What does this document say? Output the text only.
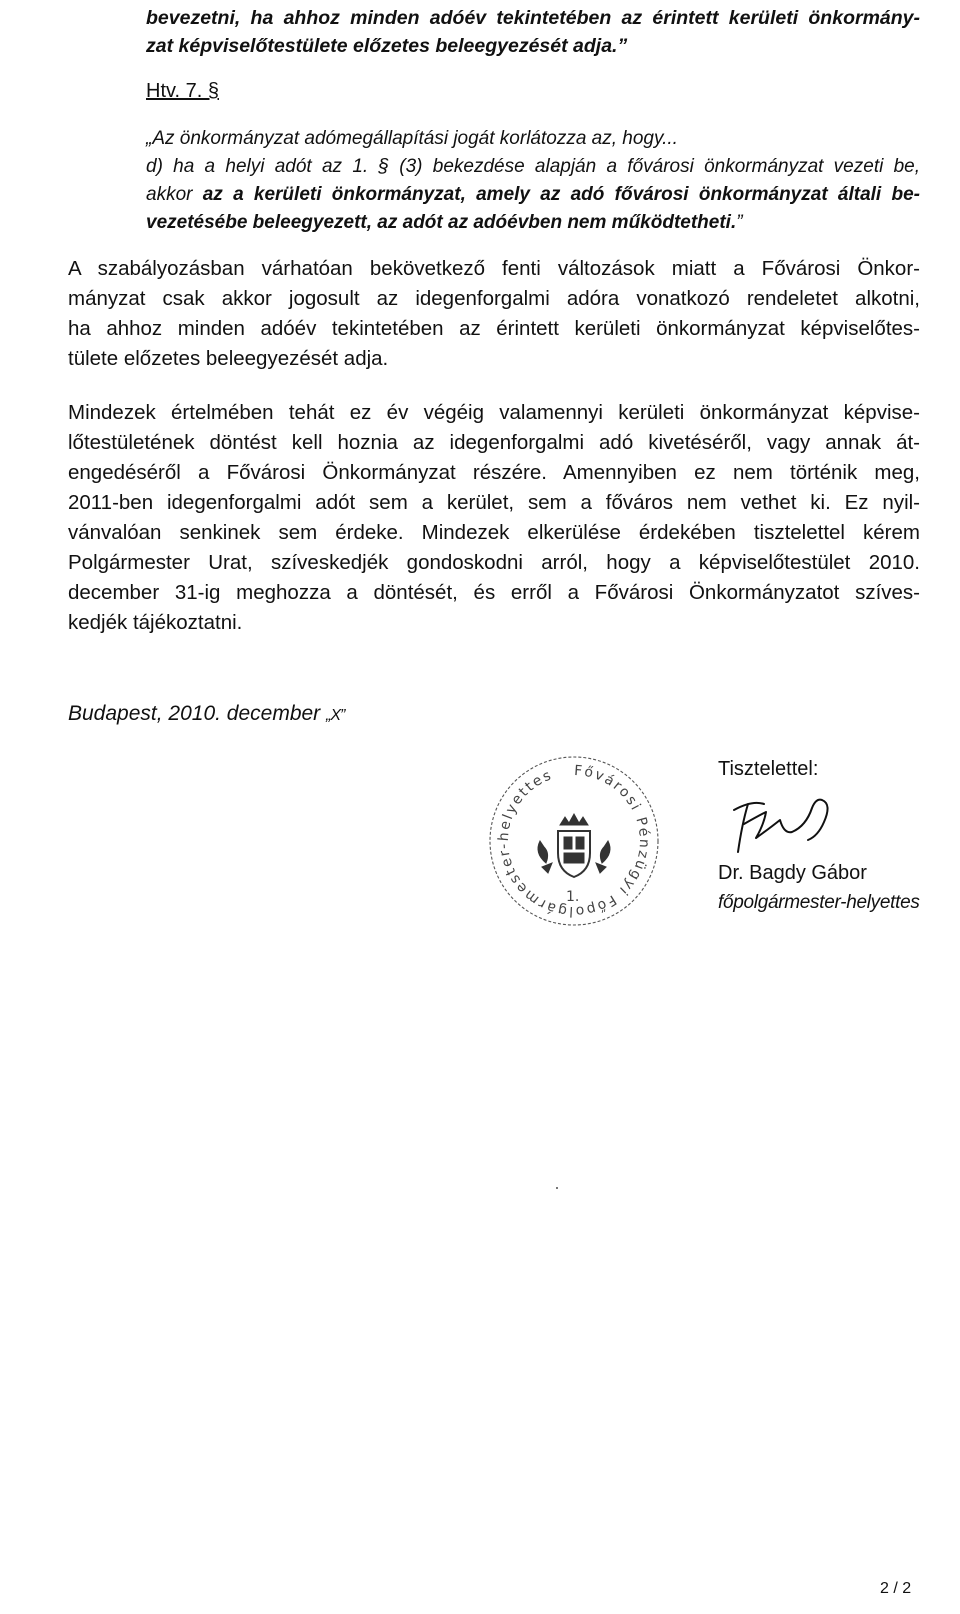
bevezetni, ha ahhoz minden adóév tekintetében az érintett kerületi önkormány-
zat képviselőtestülete előzetes beleegyezését adja.”
Htv. 7. §
„Az önkormányzat adómegállapítási jogát korlátozza az, hogy...
d) ha a helyi adót az 1. § (3) bekezdése alapján a fővárosi önkormányzat vezeti be,
akkor az a kerületi önkormányzat, amely az adó fővárosi önkormányzat általi be-
vezetésébe beleegyezett, az adót az adóévben nem működtetheti.”
A szabályozásban várhatóan bekövetkező fenti változások miatt a Fővárosi Önkor-
mányzat csak akkor jogosult az idegenforgalmi adóra vonatkozó rendeletet alkotni,
ha ahhoz minden adóév tekintetében az érintett kerületi önkormányzat képviselőtes-
tülete előzetes beleegyezését adja.
Mindezek értelmében tehát ez év végéig valamennyi kerületi önkormányzat képvise-
lőtestületének döntést kell hoznia az idegenforgalmi adó kivetéséről, vagy annak át-
engedéséről a Fővárosi Önkormányzat részére. Amennyiben ez nem történik meg,
2011-ben idegenforgalmi adót sem a kerület, sem a főváros nem vethet ki. Ez nyil-
vánvalóan senkinek sem érdeke. Mindezek elkerülése érdekében tisztelettel kérem
Polgármester Urat, szíveskedjék gondoskodni arról, hogy a képviselőtestület 2010.
december 31-ig meghozza a döntését, és erről a Fővárosi Önkormányzatot szíves-
kedjék tájékoztatni.
Budapest, 2010. december „X”
Fővárosi Pénzügyi Főpolgármester-helyettes
1.
Tisztelettel:
Dr. Bagdy Gábor
főpolgármester-helyettes
2 / 2
